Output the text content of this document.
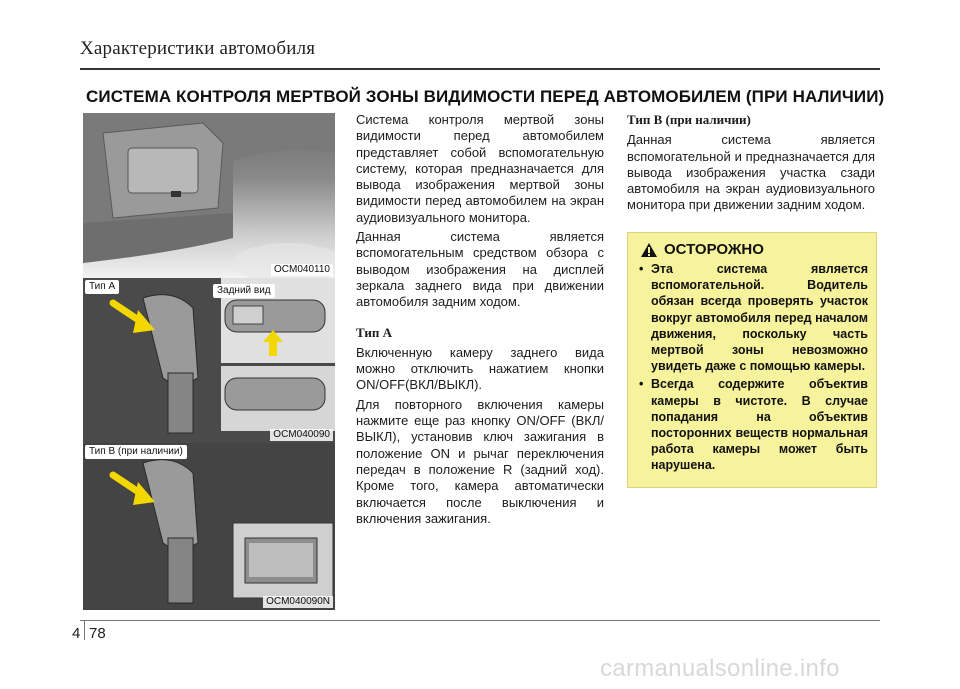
Характеристики автомобиля
СИСТЕМА КОНТРОЛЯ МЕРТВОЙ ЗОНЫ ВИДИМОСТИ ПЕРЕД АВТОМОБИЛЕМ (ПРИ НАЛИЧИИ)
OCM040110
Тип А	Задний вид
OCM040090
Тип В (при наличии)
OCM040090N

Система контроля мертвой зоны видимости перед автомобилем представляет собой вспомогательную систему, которая предназначается для вывода изображения мертвой зоны видимости перед автомобилем на экран аудиовизуального монитора.

Данная система является вспомогательным средством обзора с выводом изображения на дисплей зеркала заднего вида при движении автомобиля задним ходом.

Тип А

Включенную камеру заднего вида можно отключить нажатием кнопки ON/OFF(ВКЛ/ВЫКЛ).

Для повторного включения камеры нажмите еще раз кнопку ON/OFF (ВКЛ/ВЫКЛ), установив ключ зажигания в положение ON и рычаг переключения передач в положение R (задний ход). Кроме того, камера автоматически включается после выключения и включения зажигания.

Тип В (при наличии)

Данная система является вспомогательной и предназначается для вывода изображения участка сзади автомобиля на экран аудиовизуального монитора при движении задним ходом.

ОСТОРОЖНО
• Эта система является вспомогательной. Водитель обязан всегда проверять участок вокруг автомобиля перед началом движения, поскольку часть мертвой зоны невозможно увидеть даже с помощью камеры.
• Всегда содержите объектив камеры в чистоте. В случае попадания на объектив посторонних веществ нормальная работа камеры может быть нарушена.
4 78
carmanualsonline.info
